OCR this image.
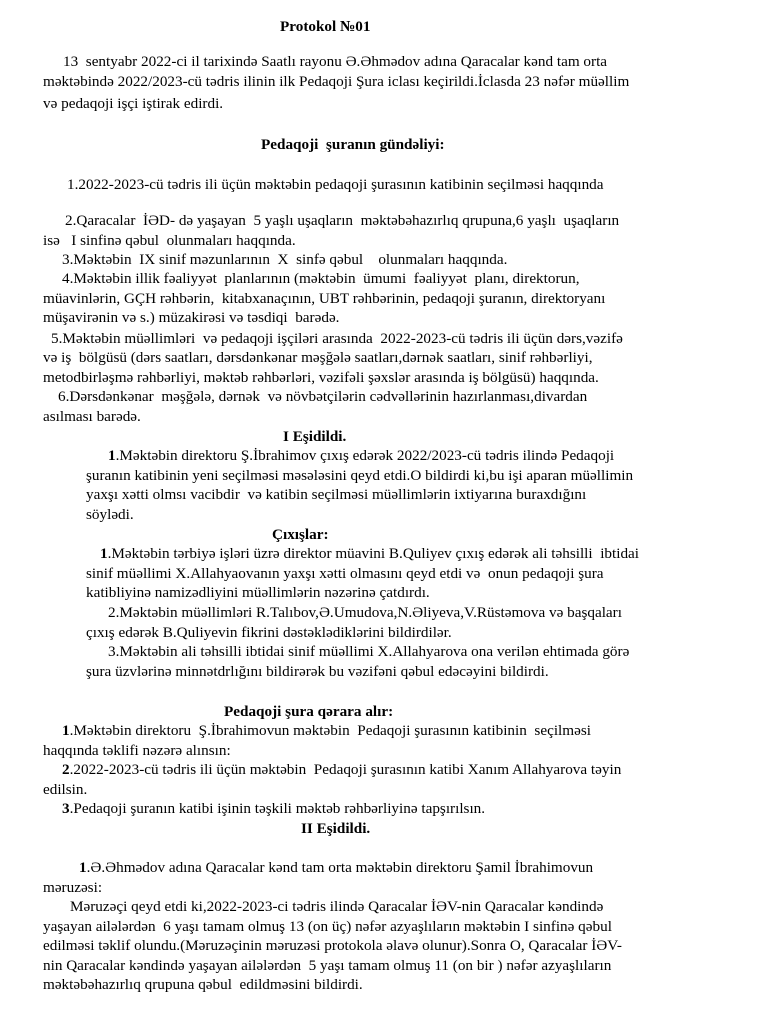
Protokol №01
13  sentyabr 2022-ci il tarixində Saatlı rayonu Ə.Əhmədov adına Qaracalar kənd tam orta
məktəbində 2022/2023-cü tədris ilinin ilk Pedaqoji Şura iclası keçirildi.İclasda 23 nəfər müəllim
və pedaqoji işçi iştirak edirdi.
Pedaqoji  şuranın gündəliyi:
1.2022-2023-cü tədris ili üçün məktəbin pedaqoji şurasının katibinin seçilməsi haqqında
2.Qaracalar  İƏD- də yaşayan  5 yaşlı uşaqların  məktəbəhazırlıq qrupuna,6 yaşlı  uşaqların
isə   I sinfinə qəbul  olunmaları haqqında.
3.Məktəbin  IX sinif məzunlarının  X  sinfə qəbul    olunmaları haqqında.
4.Məktəbin illik fəaliyyət  planlarının (məktəbin  ümumi  fəaliyyət  planı, direktorun,
müavinlərin, GÇH rəhbərin,  kitabxanaçının, UBT rəhbərinin, pedaqoji şuranın, direktoryanı
müşavirənin və s.) müzakirəsi və təsdiqi  barədə.
5.Məktəbin müəllimləri  və pedaqoji işçiləri arasında  2022-2023-cü tədris ili üçün dərs,vəzifə
və iş  bölgüsü (dərs saatları, dərsdənkənar məşğələ saatları,dərnək saatları, sinif rəhbərliyi,
metodbirləşmə rəhbərliyi, məktəb rəhbərləri, vəzifəli şəxslər arasında iş bölgüsü) haqqında.
6.Dərsdənkənar  məşğələ, dərnək  və növbətçilərin cədvəllərinin hazırlanması,divardan
asılması barədə.
I Eşidildi.
1.Məktəbin direktoru Ş.İbrahimov çıxış edərək 2022/2023-cü tədris ilində Pedaqoji
şuranın katibinin yeni seçilməsi məsələsini qeyd etdi.O bildirdi ki,bu işi aparan müəllimin
yaxşı xətti olmsı vacibdir  və katibin seçilməsi müəllimlərin ixtiyarına buraxdığını
söylədi.
Çıxışlar:
1.Məktəbin tərbiyə işləri üzrə direktor müavini B.Quliyev çıxış edərək ali təhsilli  ibtidai
sinif müəllimi X.Allahyaovanın yaxşı xətti olmasını qeyd etdi və  onun pedaqoji şura
katibliyinə namizədliyini müəllimlərin nəzərinə çatdırdı.
2.Məktəbin müəllimləri R.Talıbov,Ə.Umudova,N.Əliyeva,V.Rüstəmova və başqaları
çıxış edərək B.Quliyevin fikrini dəstəklədiklərini bildirdilər.
3.Məktəbin ali təhsilli ibtidai sinif müəllimi X.Allahyarova ona verilən ehtimada görə
şura üzvlərinə minnətdrlığını bildirərək bu vəzifəni qəbul edəcəyini bildirdi.
Pedaqoji şura qərara alır:
1.Məktəbin direktoru  Ş.İbrahimovun məktəbin  Pedaqoji şurasının katibinin  seçilməsi
haqqında təklifi nəzərə alınsın:
2.2022-2023-cü tədris ili üçün məktəbin  Pedaqoji şurasının katibi Xanım Allahyarova təyin
edilsin.
3.Pedaqoji şuranın katibi işinin təşkili məktəb rəhbərliyinə tapşırılsın.
II Eşidildi.
1.Ə.Əhmədov adına Qaracalar kənd tam orta məktəbin direktoru Şamil İbrahimovun
məruzəsi:
Məruzəçi qeyd etdi ki,2022-2023-ci tədris ilində Qaracalar İƏV-nin Qaracalar kəndində
yaşayan ailələrdən  6 yaşı tamam olmuş 13 (on üç) nəfər azyaşlıların məktəbin I sinfinə qəbul
edilməsi təklif olundu.(Məruzəçinin məruzəsi protokola əlavə olunur).Sonra O, Qaracalar İƏV-
nin Qaracalar kəndində yaşayan ailələrdən  5 yaşı tamam olmuş 11 (on bir ) nəfər azyaşlıların
məktəbəhazırlıq qrupuna qəbul  edildməsini bildirdi.
